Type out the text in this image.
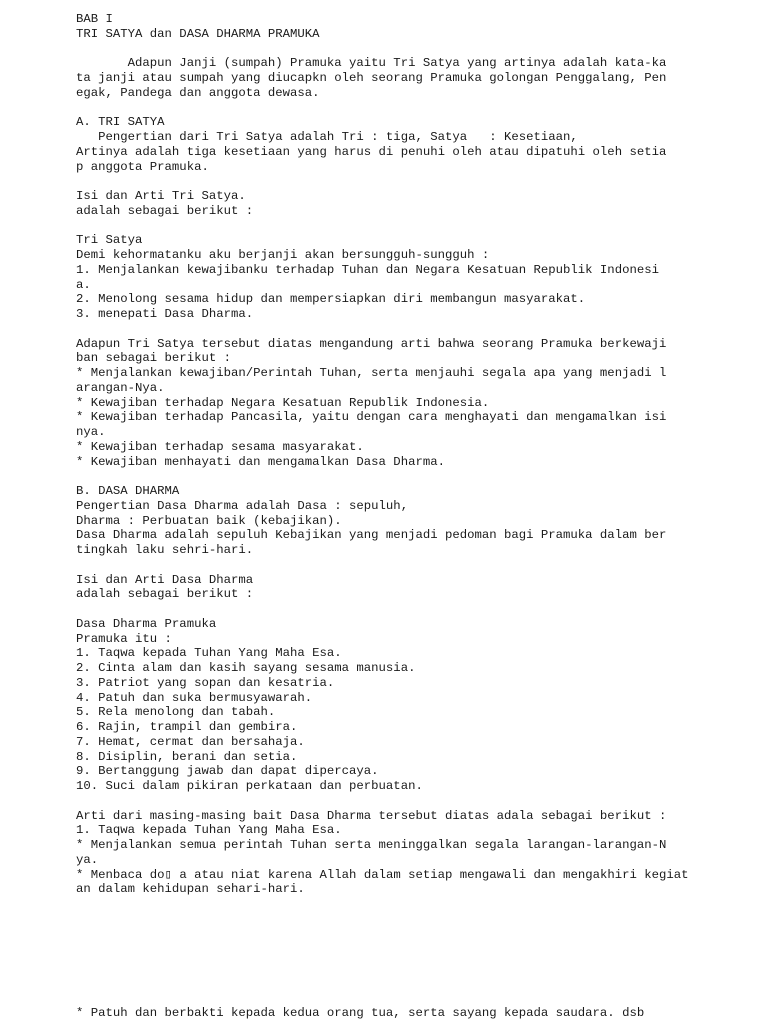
BAB I
TRI SATYA dan DASA DHARMA PRAMUKA
Adapun Janji (sumpah) Pramuka yaitu Tri Satya yang artinya adalah kata-ka
ta janji atau sumpah yang diucapkn oleh seorang Pramuka golongan Penggalang, Pen
egak, Pandega dan anggota dewasa.
A. TRI SATYA
Pengertian dari Tri Satya adalah Tri : tiga, Satya   : Kesetiaan,
Artinya adalah tiga kesetiaan yang harus di penuhi oleh atau dipatuhi oleh setia
p anggota Pramuka.
Isi dan Arti Tri Satya.
adalah sebagai berikut :
Tri Satya
Demi kehormatanku aku berjanji akan bersungguh-sungguh :
1. Menjalankan kewajibanku terhadap Tuhan dan Negara Kesatuan Republik Indonesi
a.
2. Menolong sesama hidup dan mempersiapkan diri membangun masyarakat.
3. menepati Dasa Dharma.
Adapun Tri Satya tersebut diatas mengandung arti bahwa seorang Pramuka berkewaji
ban sebagai berikut :
* Menjalankan kewajiban/Perintah Tuhan, serta menjauhi segala apa yang menjadi l
arangan-Nya.
* Kewajiban terhadap Negara Kesatuan Republik Indonesia.
* Kewajiban terhadap Pancasila, yaitu dengan cara menghayati dan mengamalkan isi
nya.
* Kewajiban terhadap sesama masyarakat.
* Kewajiban menhayati dan mengamalkan Dasa Dharma.
B. DASA DHARMA
Pengertian Dasa Dharma adalah Dasa : sepuluh,
Dharma : Perbuatan baik (kebajikan).
Dasa Dharma adalah sepuluh Kebajikan yang menjadi pedoman bagi Pramuka dalam ber
tingkah laku sehri-hari.
Isi dan Arti Dasa Dharma
adalah sebagai berikut :
Dasa Dharma Pramuka
Pramuka itu :
1. Taqwa kepada Tuhan Yang Maha Esa.
2. Cinta alam dan kasih sayang sesama manusia.
3. Patriot yang sopan dan kesatria.
4. Patuh dan suka bermusyawarah.
5. Rela menolong dan tabah.
6. Rajin, trampil dan gembira.
7. Hemat, cermat dan bersahaja.
8. Disiplin, berani dan setia.
9. Bertanggung jawab dan dapat dipercaya.
10. Suci dalam pikiran perkataan dan perbuatan.
Arti dari masing-masing bait Dasa Dharma tersebut diatas adala sebagai berikut :
1. Taqwa kepada Tuhan Yang Maha Esa.
* Menjalankan semua perintah Tuhan serta meninggalkan segala larangan-larangan-N
ya.
* Menbaca do▯ a atau niat karena Allah dalam setiap mengawali dan mengakhiri kegiat
an dalam kehidupan sehari-hari.
* Patuh dan berbakti kepada kedua orang tua, serta sayang kepada saudara. dsb
